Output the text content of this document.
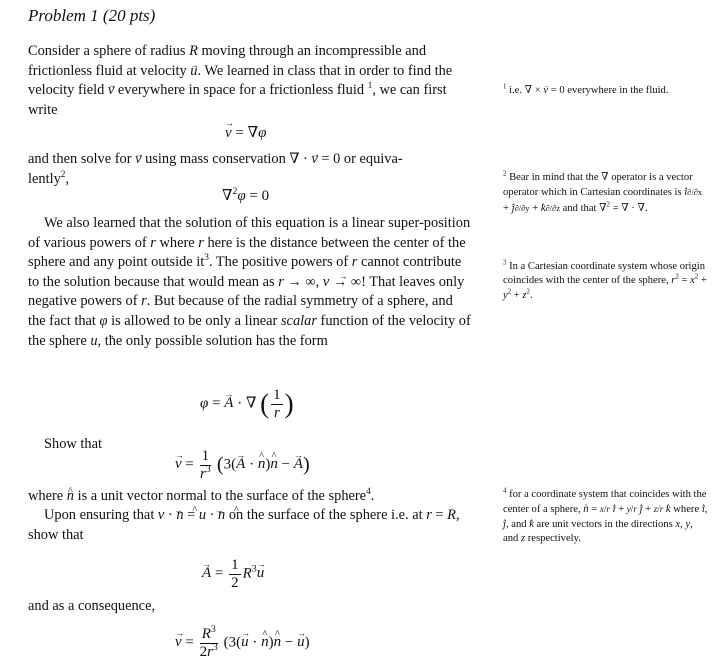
Problem 1 (20 pts)
Consider a sphere of radius R moving through an incompressible and frictionless fluid at velocity u →. We learned in class that in order to find the velocity field v → everywhere in space for a frictionless fluid $^1$, we can first write
v → = ∇φ
and then solve for v → using mass conservation ∇ · v → = 0 or equiva-
lently$^2$,
∇$^2$φ = 0
We also learned that the solution of this equation is a linear super-position of various powers of r where r here is the distance between the center of the sphere and any point outside $it^3$. The positive powers of r cannot contribute to the solution because that would mean as r → ∞, v → → ∞! That leaves only negative powers of r. But because of the radial symmetry of a sphere, and the fact that φ is allowed to be only a linear scalar function of the velocity of the sphere u →, the only possible solution has the form
φ = A → · ∇ ( $\frac{1}{r}$ )
Show that
v → = $\frac{1}{r^3} (3(A$ → · n ^)n ^ − A →)
where n ^ is a unit vector normal to the surface of the sphere$^4$.
Upon ensuring that v → · n ^ = u → · n ^ on the surface of the sphere i.e. at r = R, show that
A → = $\frac{1}{2} R^3u$ →
and as a consequence,
v → = $\frac{R^3}{2r^3} (3(u$ → · n ^)n ^ − u →)
$^1$ i.e. ∇ × v → = 0 everywhere in the fluid.
$^2$ Bear in mind that the ∇ operator is a vector operator which in Cartesian coordinates is i ^∂/∂x + j ^∂/∂y + k ^∂/∂z and that ∇$^2$ = ∇ · ∇.
$^3$ In a Cartesian coordinate system whose origin coincides with the center of the sphere, $r^2 = x^2 + y^2 + z^2$.
$^4$ for a coordinate system that coincides with the center of a sphere, n ^ = x/r i ^ + y/r j ^ + z/r k ^ where i ^, j ^, and k ^ are unit vectors in the directions x, y, and z respectively.
